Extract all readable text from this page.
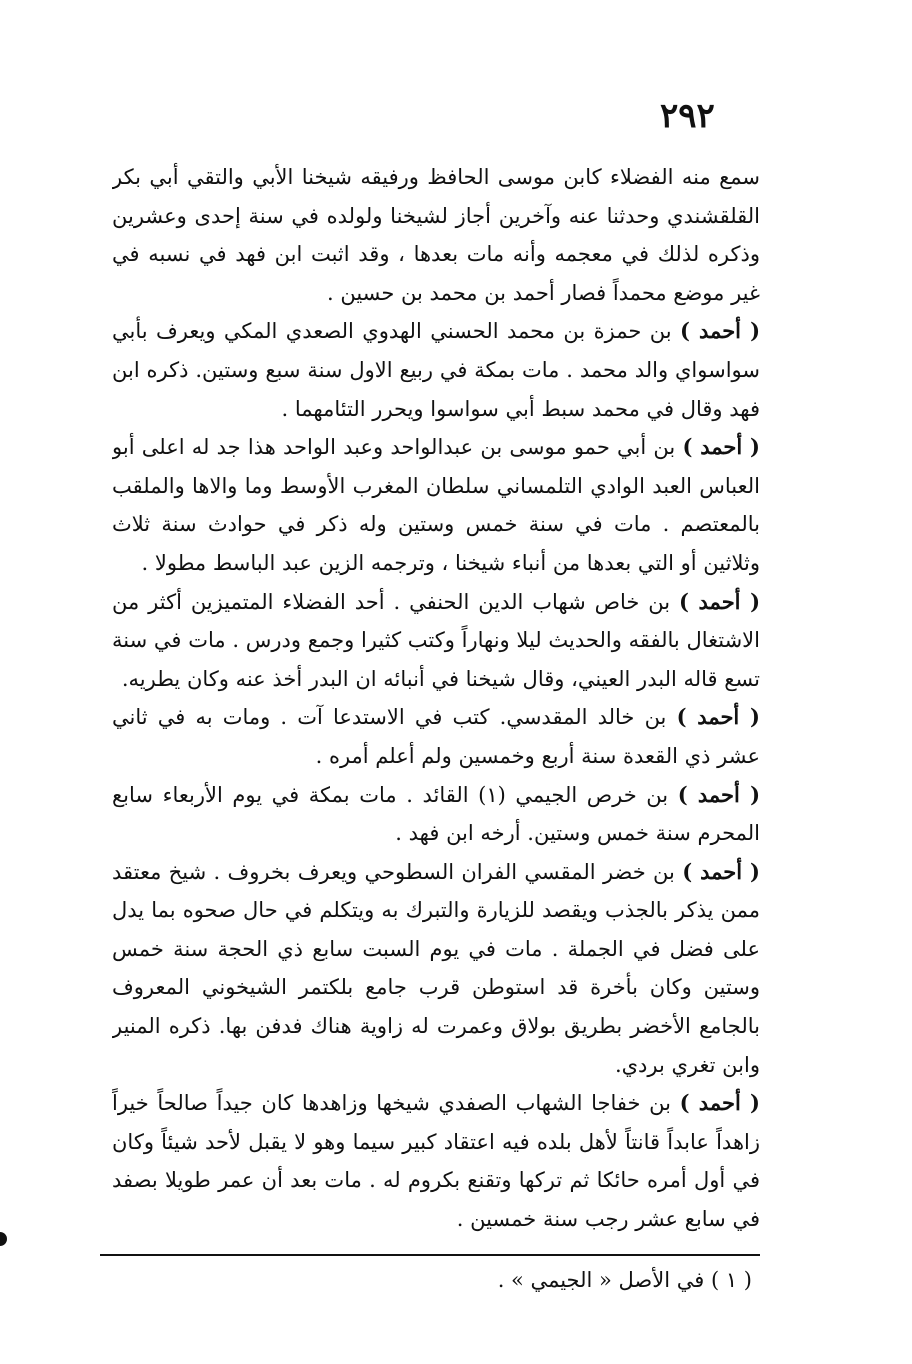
٢٩٢

سمع منه الفضلاء كابن موسى الحافظ ورفيقه شيخنا الأبي والتقي أبي بكر القلقشندي وحدثنا عنه وآخرين أجاز لشيخنا ولولده في سنة إحدى وعشرين وذكره لذلك في معجمه وأنه مات بعدها ، وقد اثبت ابن فهد في نسبه في غير موضع محمداً فصار أحمد بن محمد بن حسين .

( أحمد ) بن حمزة بن محمد الحسني الهدوي الصعدي المكي ويعرف بأبي سواسواي والد محمد . مات بمكة في ربيع الاول سنة سبع وستين. ذكره ابن فهد وقال في محمد سبط أبي سواسوا ويحرر التئامهما .

( أحمد ) بن أبي حمو موسى بن عبدالواحد وعبد الواحد هذا جد له اعلى أبو العباس العبد الوادي التلمساني سلطان المغرب الأوسط وما والاها والملقب بالمعتصم . مات في سنة خمس وستين وله ذكر في حوادث سنة ثلاث وثلاثين أو التي بعدها من أنباء شيخنا ، وترجمه الزين عبد الباسط مطولا .

( أحمد ) بن خاص شهاب الدين الحنفي . أحد الفضلاء المتميزين أكثر من الاشتغال بالفقه والحديث ليلا ونهاراً وكتب كثيرا وجمع ودرس . مات في سنة تسع قاله البدر العيني، وقال شيخنا في أنبائه ان البدر أخذ عنه وكان يطريه.

( أحمد ) بن خالد المقدسي. كتب في الاستدعا آت . ومات به في ثاني عشر ذي القعدة سنة أربع وخمسين ولم أعلم أمره .

( أحمد ) بن خرص الجيمي (١) القائد . مات بمكة في يوم الأربعاء سابع المحرم سنة خمس وستين. أرخه ابن فهد .

( أحمد ) بن خضر المقسي الفران السطوحي ويعرف بخروف . شيخ معتقد ممن يذكر بالجذب ويقصد للزيارة والتبرك به ويتكلم في حال صحوه بما يدل على فضل في الجملة . مات في يوم السبت سابع ذي الحجة سنة خمس وستين وكان بأخرة قد استوطن قرب جامع بلكتمر الشيخوني المعروف بالجامع الأخضر بطريق بولاق وعمرت له زاوية هناك فدفن بها. ذكره المنير وابن تغري بردي.

( أحمد ) بن خفاجا الشهاب الصفدي شيخها وزاهدها كان جيداً صالحاً خيراً زاهداً عابداً قانتاً لأهل بلده فيه اعتقاد كبير سيما وهو لا يقبل لأحد شيئاً وكان في أول أمره حائكا ثم تركها وتقنع بكروم له . مات بعد أن عمر طويلا بصفد في سابع عشر رجب سنة خمسين .

( ١ ) في الأصل « الجيمي » .
